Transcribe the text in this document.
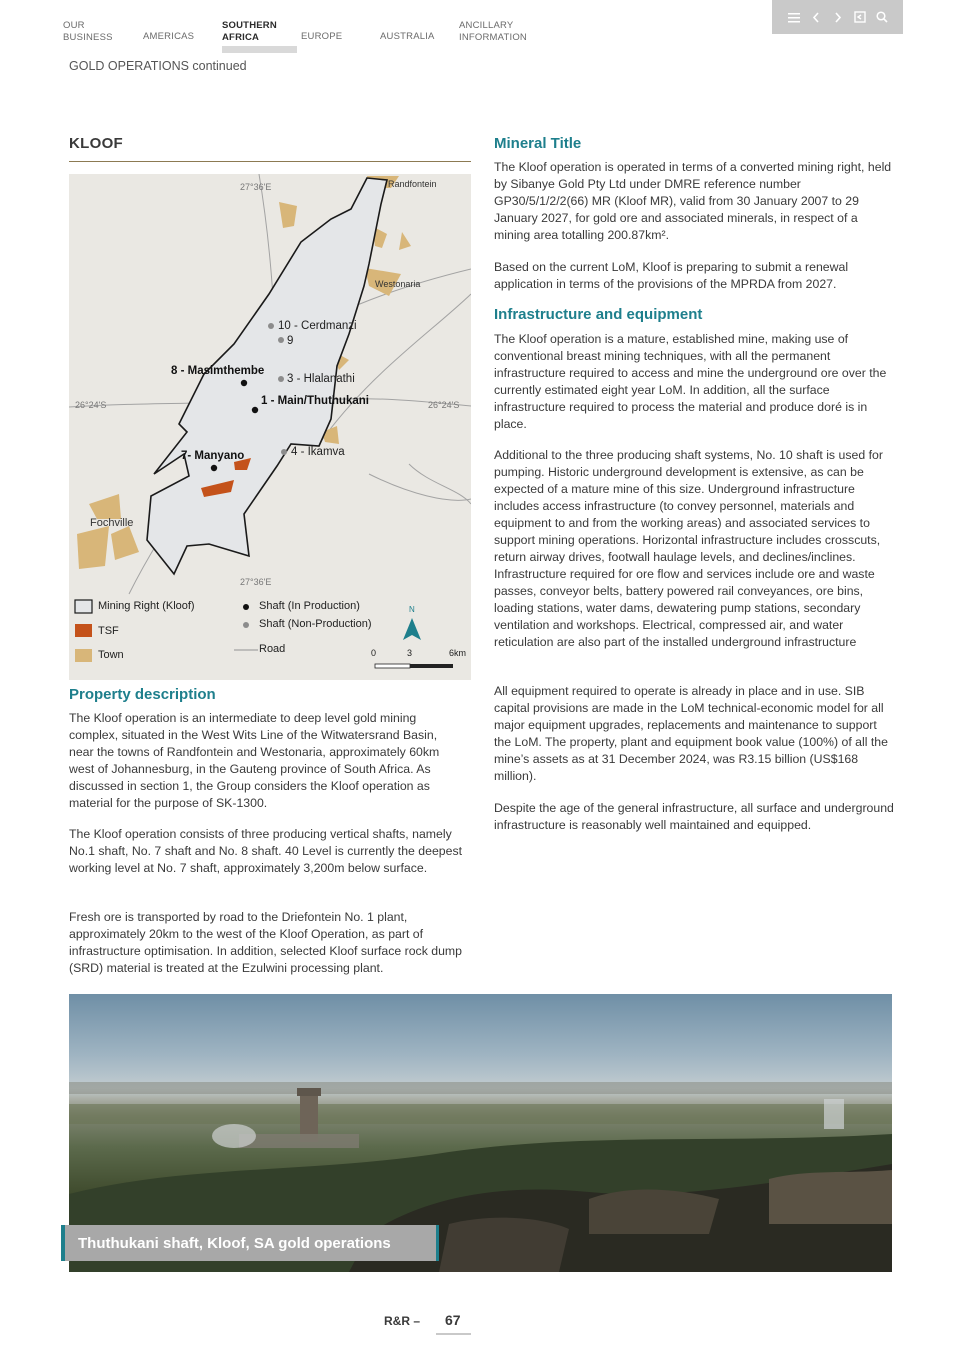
OUR
BUSINESS	AMERICAS
SOUTHERN
AFRICA	EUROPE	AUSTRALIA
ANCILLARY
INFORMATION
GOLD OPERATIONS continued
KLOOF
27°36'E	Randfontein
Westonaria
Fochville
10 - Cerdmanzi
9
8 - Masimthembe
3 - Hlalanathi
1 - Main/Thuthukani
7- Manyano	4 - Ikamva
26°24'S	26°24'S
27°36'E
Mining Right (Kloof)
TSF
Town
Shaft (In Production)
Shaft (Non-Production)
Road
N
0	3	6km
Property description

The Kloof operation is an intermediate to deep level gold mining complex, situated in the West Wits Line of the Witwatersrand Basin, near the towns of Randfontein and Westonaria, approximately 60km west of Johannesburg, in the Gauteng province of South Africa. As discussed in section 1, the Group considers the Kloof operation as material for the purpose of SK-1300.

The Kloof operation consists of three producing vertical shafts, namely No.1 shaft, No. 7 shaft and No. 8 shaft. 40 Level is currently the deepest working level at No. 7 shaft, approximately 3,200m below surface.

Fresh ore is transported by road to the Driefontein No. 1 plant, approximately 20km to the west of the Kloof Operation, as part of infrastructure optimisation. In addition, selected Kloof surface rock dump (SRD) material is treated at the Ezulwini processing plant.

Mineral Title

The Kloof operation is operated in terms of a converted mining right, held by Sibanye Gold Pty Ltd under DMRE reference number GP30/5/1/2/2(66) MR (Kloof MR), valid from 30 January 2007 to 29 January 2027, for gold ore and associated minerals, in respect of a mining area totalling 200.87km².

Based on the current LoM, Kloof is preparing to submit a renewal application in terms of the provisions of the MPRDA from 2027.

Infrastructure and equipment

The Kloof operation is a mature, established mine, making use of conventional breast mining techniques, with all the permanent infrastructure required to access and mine the underground ore over the currently estimated eight year LoM. In addition, all the surface infrastructure required to process the material and produce doré is in place.

Additional to the three producing shaft systems, No. 10 shaft is used for pumping. Historic underground development is extensive, as can be expected of a mature mine of this size. Underground infrastructure includes access infrastructure (to convey personnel, materials and equipment to and from the working areas) and associated services to support mining operations. Horizontal infrastructure includes crosscuts, return airway drives, footwall haulage levels, and declines/inclines. Infrastructure required for ore flow and services include ore and waste passes, conveyor belts, battery powered rail conveyances, ore bins, loading stations, water dams, dewatering pump stations, secondary ventilation and workshops. Electrical, compressed air, and water reticulation are also part of the installed underground infrastructure

All equipment required to operate is already in place and in use. SIB capital provisions are made in the LoM technical-economic model for all major equipment upgrades, replacements and maintenance to support the LoM. The property, plant and equipment book value (100%) of all the mine’s assets as at 31 December 2024, was R3.15 billion (US$168 million).

Despite the age of the general infrastructure, all surface and underground infrastructure is reasonably well maintained and equipped.

Thuthukani shaft, Kloof, SA gold operations
R&R – 67
